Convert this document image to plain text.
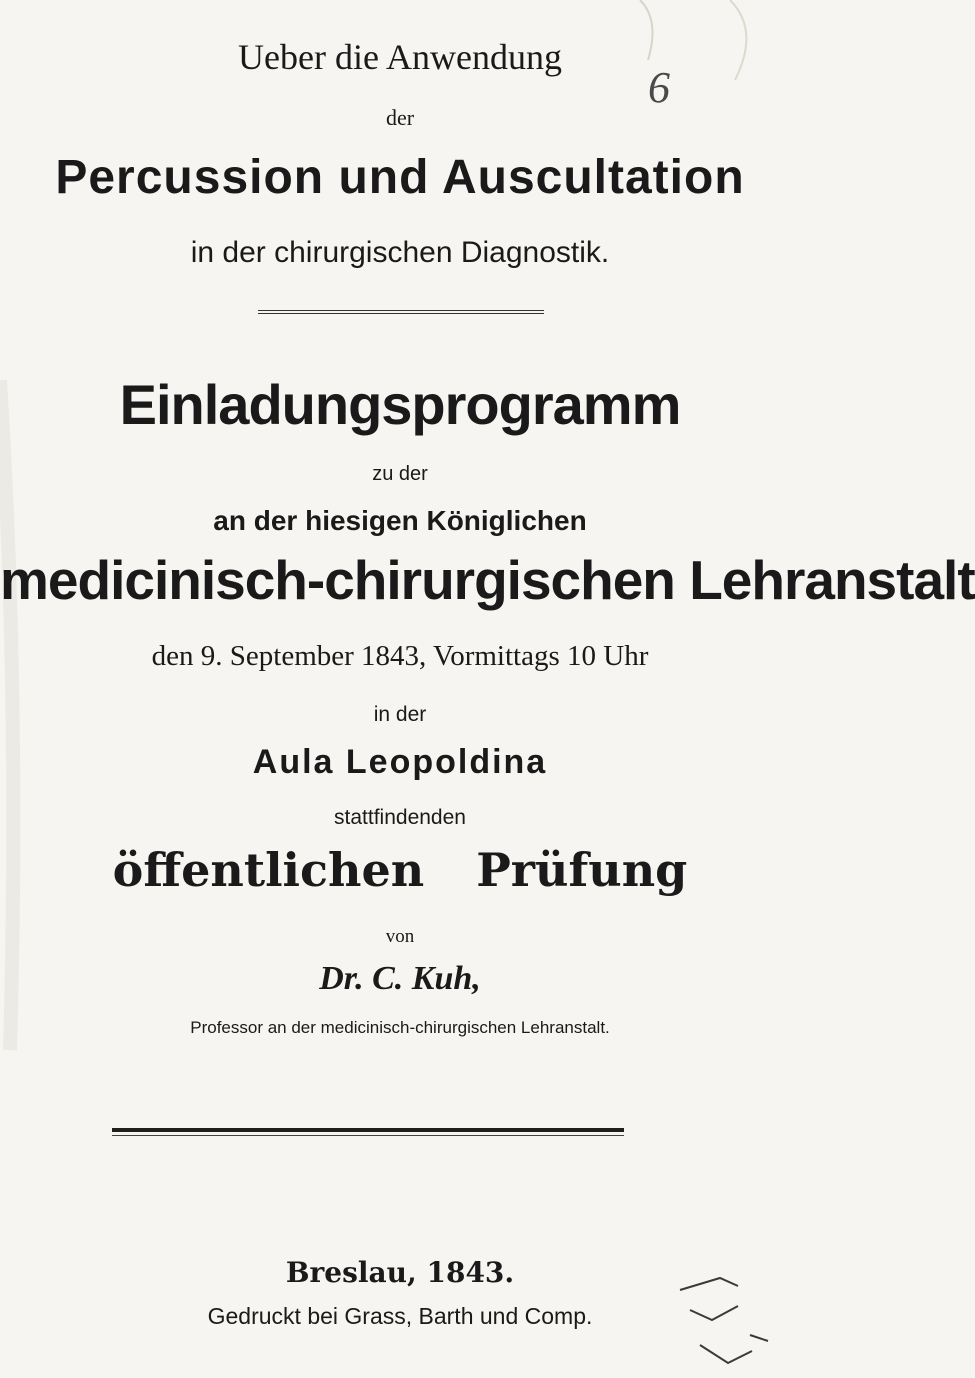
Ueber die Anwendung
6
der
Percussion und Auscultation
in der chirurgischen Diagnostik.
Einladungsprogramm
zu der
an der hiesigen Königlichen
medicinisch-chirurgischen Lehranstalt
den 9. September 1843, Vormittags 10 Uhr
in der
Aula Leopoldina
stattfindenden
öffentlichen Prüfung
von
Dr. C. Kuh,
Professor an der medicinisch-chirurgischen Lehranstalt.
Breslau, 1843.
Gedruckt bei Grass, Barth und Comp.
